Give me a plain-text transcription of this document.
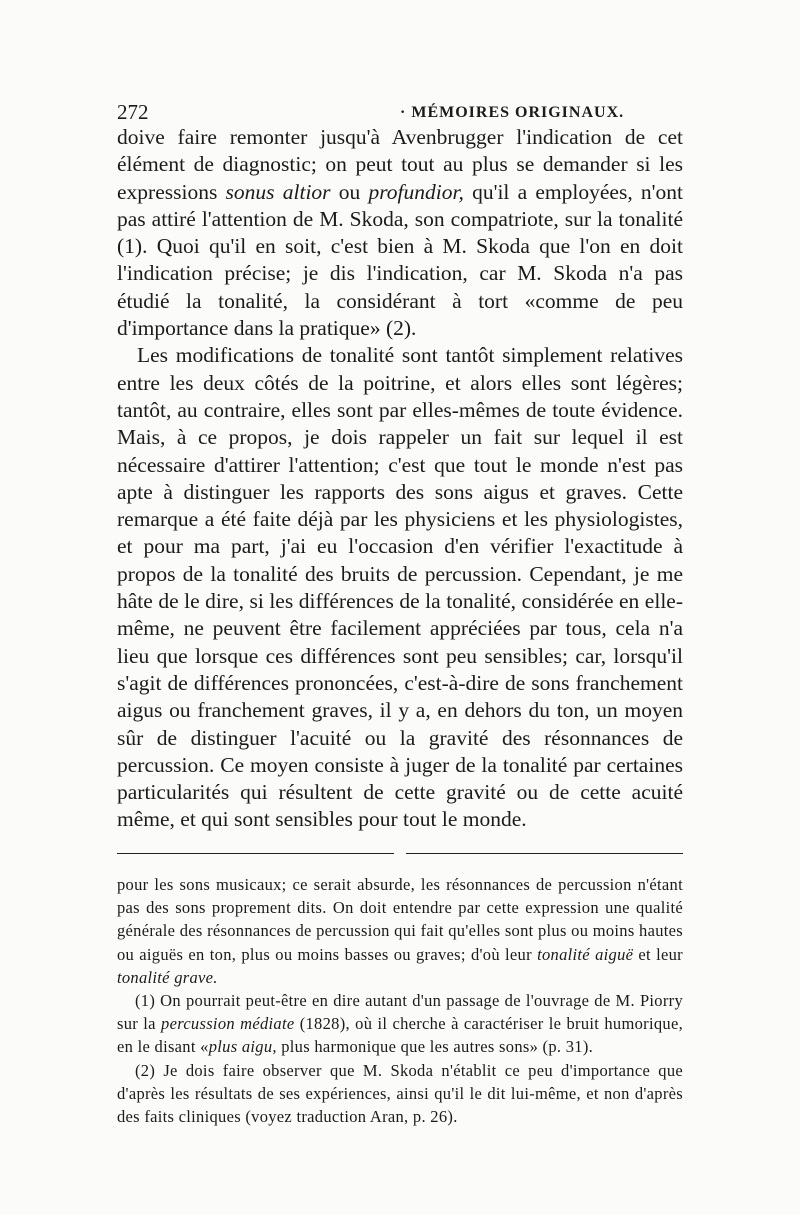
272	· MÉMOIRES ORIGINAUX.

doive faire remonter jusqu'à Avenbrugger l'indication de cet élément de diagnostic; on peut tout au plus se demander si les expressions sonus altior ou profundior, qu'il a employées, n'ont pas attiré l'attention de M. Skoda, son compatriote, sur la tonalité (1). Quoi qu'il en soit, c'est bien à M. Skoda que l'on en doit l'indication précise; je dis l'indication, car M. Skoda n'a pas étudié la tonalité, la considérant à tort «comme de peu d'importance dans la pratique» (2).

Les modifications de tonalité sont tantôt simplement relatives entre les deux côtés de la poitrine, et alors elles sont légères; tantôt, au contraire, elles sont par elles-mêmes de toute évidence. Mais, à ce propos, je dois rappeler un fait sur lequel il est nécessaire d'attirer l'attention; c'est que tout le monde n'est pas apte à distinguer les rapports des sons aigus et graves. Cette remarque a été faite déjà par les physiciens et les physiologistes, et pour ma part, j'ai eu l'occasion d'en vérifier l'exactitude à propos de la tonalité des bruits de percussion. Cependant, je me hâte de le dire, si les différences de la tonalité, considérée en elle-même, ne peuvent être facilement appréciées par tous, cela n'a lieu que lorsque ces différences sont peu sensibles; car, lorsqu'il s'agit de différences prononcées, c'est-à-dire de sons franchement aigus ou franchement graves, il y a, en dehors du ton, un moyen sûr de distinguer l'acuité ou la gravité des résonnances de percussion. Ce moyen consiste à juger de la tonalité par certaines particularités qui résultent de cette gravité ou de cette acuité même, et qui sont sensibles pour tout le monde.

pour les sons musicaux; ce serait absurde, les résonnances de percussion n'étant pas des sons proprement dits. On doit entendre par cette expression une qualité générale des résonnances de percussion qui fait qu'elles sont plus ou moins hautes ou aiguës en ton, plus ou moins basses ou graves; d'où leur tonalité aiguë et leur tonalité grave.

(1) On pourrait peut-être en dire autant d'un passage de l'ouvrage de M. Piorry sur la percussion médiate (1828), où il cherche à caractériser le bruit humorique, en le disant «plus aigu, plus harmonique que les autres sons» (p. 31).

(2) Je dois faire observer que M. Skoda n'établit ce peu d'importance que d'après les résultats de ses expériences, ainsi qu'il le dit lui-même, et non d'après des faits cliniques (voyez traduction Aran, p. 26).
